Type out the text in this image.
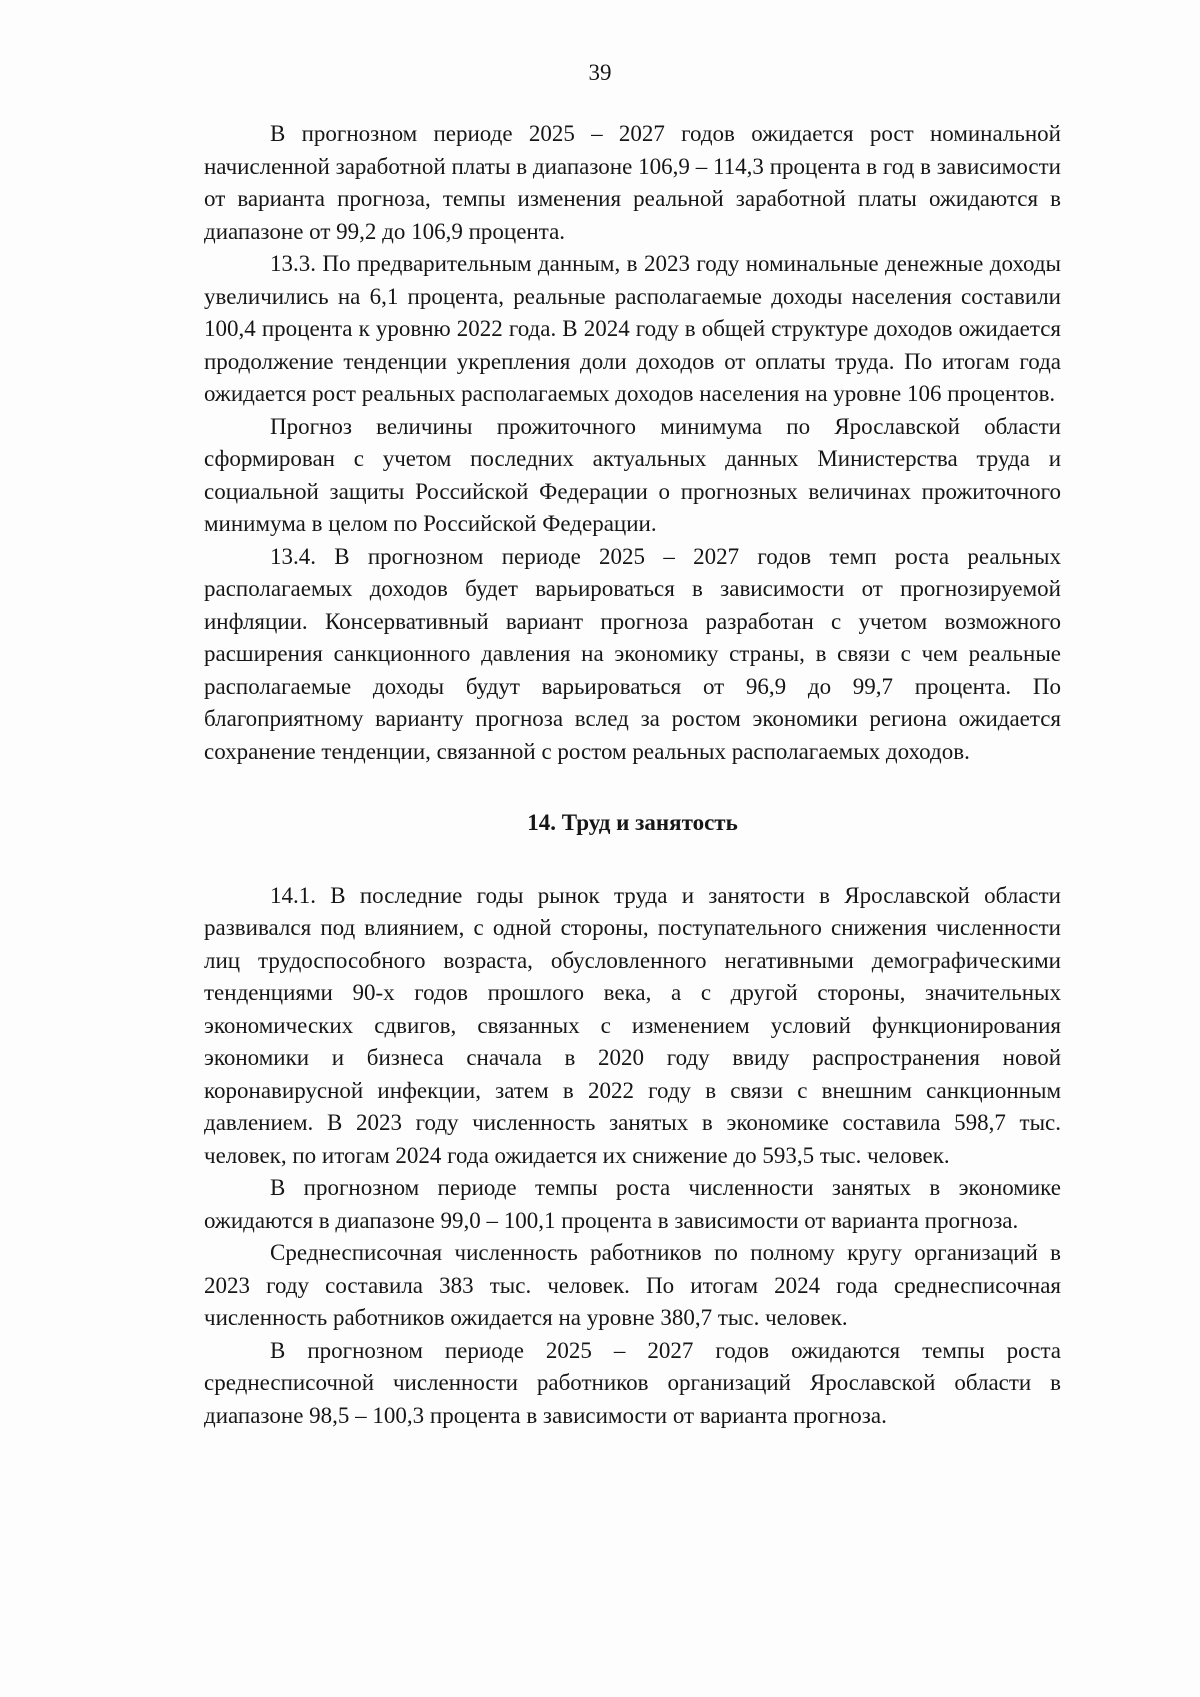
39

В прогнозном периоде 2025 – 2027 годов ожидается рост номинальной начисленной заработной платы в диапазоне 106,9 – 114,3 процента в год в зависимости от варианта прогноза, темпы изменения реальной заработной платы ожидаются в диапазоне от 99,2 до 106,9 процента.

13.3. По предварительным данным, в 2023 году номинальные денежные доходы увеличились на 6,1 процента, реальные располагаемые доходы населения составили 100,4 процента к уровню 2022 года. В 2024 году в общей структуре доходов ожидается продолжение тенденции укрепления доли доходов от оплаты труда. По итогам года ожидается рост реальных располагаемых доходов населения на уровне 106 процентов.

Прогноз величины прожиточного минимума по Ярославской области сформирован с учетом последних актуальных данных Министерства труда и социальной защиты Российской Федерации о прогнозных величинах прожиточного минимума в целом по Российской Федерации.

13.4. В прогнозном периоде 2025 – 2027 годов темп роста реальных располагаемых доходов будет варьироваться в зависимости от прогнозируемой инфляции. Консервативный вариант прогноза разработан с учетом возможного расширения санкционного давления на экономику страны, в связи с чем реальные располагаемые доходы будут варьироваться от 96,9 до 99,7 процента. По благоприятному варианту прогноза вслед за ростом экономики региона ожидается сохранение тенденции, связанной с ростом реальных располагаемых доходов.

14. Труд и занятость

14.1. В последние годы рынок труда и занятости в Ярославской области развивался под влиянием, с одной стороны, поступательного снижения численности лиц трудоспособного возраста, обусловленного негативными демографическими тенденциями 90-х годов прошлого века, а с другой стороны, значительных экономических сдвигов, связанных с изменением условий функционирования экономики и бизнеса сначала в 2020 году ввиду распространения новой коронавирусной инфекции, затем в 2022 году в связи с внешним санкционным давлением. В 2023 году численность занятых в экономике составила 598,7 тыс. человек, по итогам 2024 года ожидается их снижение до 593,5 тыс. человек.

В прогнозном периоде темпы роста численности занятых в экономике ожидаются в диапазоне 99,0 – 100,1 процента в зависимости от варианта прогноза.

Среднесписочная численность работников по полному кругу организаций в 2023 году составила 383 тыс. человек. По итогам 2024 года среднесписочная численность работников ожидается на уровне 380,7 тыс. человек.

В прогнозном периоде 2025 – 2027 годов ожидаются темпы роста среднесписочной численности работников организаций Ярославской области в диапазоне 98,5 – 100,3 процента в зависимости от варианта прогноза.
